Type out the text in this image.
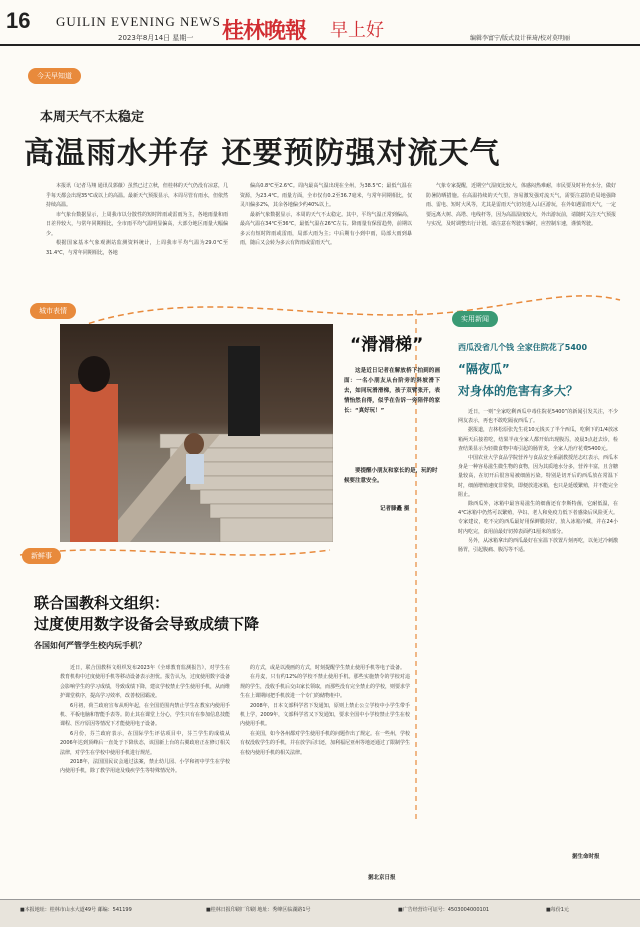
16 GUILIN EVENING NEWS
2023年8月14日 星期一 桂林晚報 早上好	编辑李富宁/版式设计崔琦/校对莫明丽
今天早知道
本周天气不太稳定
高温雨水并存 还要预防强对流天气

本报讯（记者马翔 通讯员郭薇）虽然已过立秋，但桂林的天气仍没有凉意，几乎每天都会出现35℃或以上的高温。最新天气预报显示，本周尽管有雨水，但依然持续高温。

市气象台数据显示，上周我市以分散性的短时阵雨或雷雨为主，各地雨量和雨日差异较大，与常年同期相比，全市雨平均气温明显偏高，大部分地区雨量大幅偏少。

根据国家基本气象观测站监测资料统计，上周我市平均气温为29.0℃至31.4℃，与常年同期相比，各地

偏高0.8℃至2.6℃。周内最高气温出现在全州，为38.5℃；最低气温在资源，为23.4℃。雨量方面，全市仅有0.2至36.7毫米，与常年同期相比，仅灵川偏多2%，其余各地偏少约40%以上。

最新气象数据显示，本周的天气不太稳定。其中，平均气温正常到偏高，最高气温在34℃至36℃，最低气温在26℃左右。降雨量有保留趋势，前期以多云有短时阵雨或雷雨，局部大雨为主；中后期有小到中雨，局部大雨到暴雨，随后又会转为多云有阵雨或雷雨天气。

气象专家提醒，近期空气湿度比较大，体感闷热难耐，市民要及时补充水分，做好防暑防晒措施。在高温持续的天气里，容易激发强对流天气，需要注意防范局地强降雨、雷电、短时大风等，尤其是雷雨天气切勿进入山区游玩，在外如遇雷雨天气，一定要远离大树、高塔、电线杆等，因为高温湿度较大，外出游玩前，请随时关注天气预报与实况，及时调整出行计划。请注意在驾驶车辆时，应控制车速，谨慎驾驶。

城市表情
“滑滑梯”
这是近日记者在解放桥下拍到的画面：一名小朋友从台阶旁的斜坡滑下去，如同玩滑滑梯，孩子双臂张开，表情怡然自得，似乎在告诉一旁陪伴的家长：“真好玩！”
要提醒小朋友和家长的是，玩的时候要注意安全。
记者滕矗 摄
实用新闻
西瓜没省几个钱 全家住院花了5400
“隔夜瓜”
对身体的危害有多大？

近日，一则“全家吃剩西瓜中毒住院花5400”的新闻引发关注，不少网友表示，再也不敢吃隔夜西瓜了。

据报道，吉林松原张先生花10元钱买了半个西瓜，吃剩下的1/4放冰箱两天后接着吃，结果半夜全家人都开始出现腹泻，凌晨3点赶去诊，检查结果显示为轻微食物中毒引起的肠胃炎，全家人治疗花费5400元。

中国农业大学食品学院营养与食品安全系副教授范志红表示，西瓜本身是一种容易滋生微生物的食物，因为其质地水分多，营养丰富，且含糖量较高，在切开后很容易被细菌污染。特别是切开后的西瓜放在常温下时，细菌增殖速度非常快，即便放进冰箱，也只是延缓繁殖，并不能完全阻止。

除西瓜外，冰箱中最容易滋生的细菌还有李斯特菌，它耐低温，在4℃冰箱中仍然可以繁殖，孕妇、老人和免疫力低下者感染后风险更大。专家建议，吃不完的西瓜最好用保鲜膜封好，放入冰箱冷藏，并在24小时内吃完，食用前最好切掉表面约1厘米的部分。

另外，从冰箱拿出的西瓜最好在室温下放置片刻再吃，以免过冷刺激肠胃，引起腹痛、腹泻等不适。

据生命时报
新鲜事
联合国教科文组织：
过度使用数字设备会导致成绩下降
各国如何严管学生校内玩手机？

近日，联合国教科文组织发布2023年《全球教育监测报告》，对学生在教育机构中过度使用手机等移动设备表示担忧。报告认为，过度使用数字设备会影响学生的学习成绩，导致成绩下降，建议学校禁止学生使用手机，从而维护课堂秩序，提高学习效率，改善校园霸凌。

6月初，荷兰政府宣布从明年起，在全国范围内禁止学生在教室内使用手机、平板电脑和智能手表等。防止其在课堂上分心，学生只有在参加信息技能课程、医疗原因等情况下才能使用电子设备。

6月份，芬兰政府表示，在国际学生评估项目中，芬兰学生的成绩从2006年达到顶峰后一直处于下降状态，该国新上台的右翼政府正在修订相关法律，对学生在学校中使用手机进行规范。

2018年，法国国民议会通过法案，禁止幼儿园、小学和初中学生在学校内使用手机，除了教学用途及残疾学生等特殊情况外。

的方式，或是以漫画的方式，时刻提醒学生禁止使用手机等电子设备。

在丹麦，只有约12%的学校不禁止使用手机。那些实施禁令的学校对违规的学生，没收手机后交由家长领取，而那些没有完全禁止的学校，则要求学生在上课期间把手机放进一个专门的储物柜中。

2008年，日本文部科学省下发通知，原则上禁止公立学校中小学生带手机上学，2009年，文部科学省又下发通知，要求全国中小学校禁止学生在校内使用手机。

在美国，如今各州都对学生使用手机的问题作出了规定。在一些州，学校有权没收学生的手机，并在放学后归还，加利福尼亚州等地还通过了限制学生在校内使用手机的相关法律。

据北京日报
■本报地址：桂林市山水大道49号 邮编：541199	■桂林日报印刷厂印刷 地址：秀峰区临湖路1号	■广告经营许可证号：4503004000101	■每份1元
